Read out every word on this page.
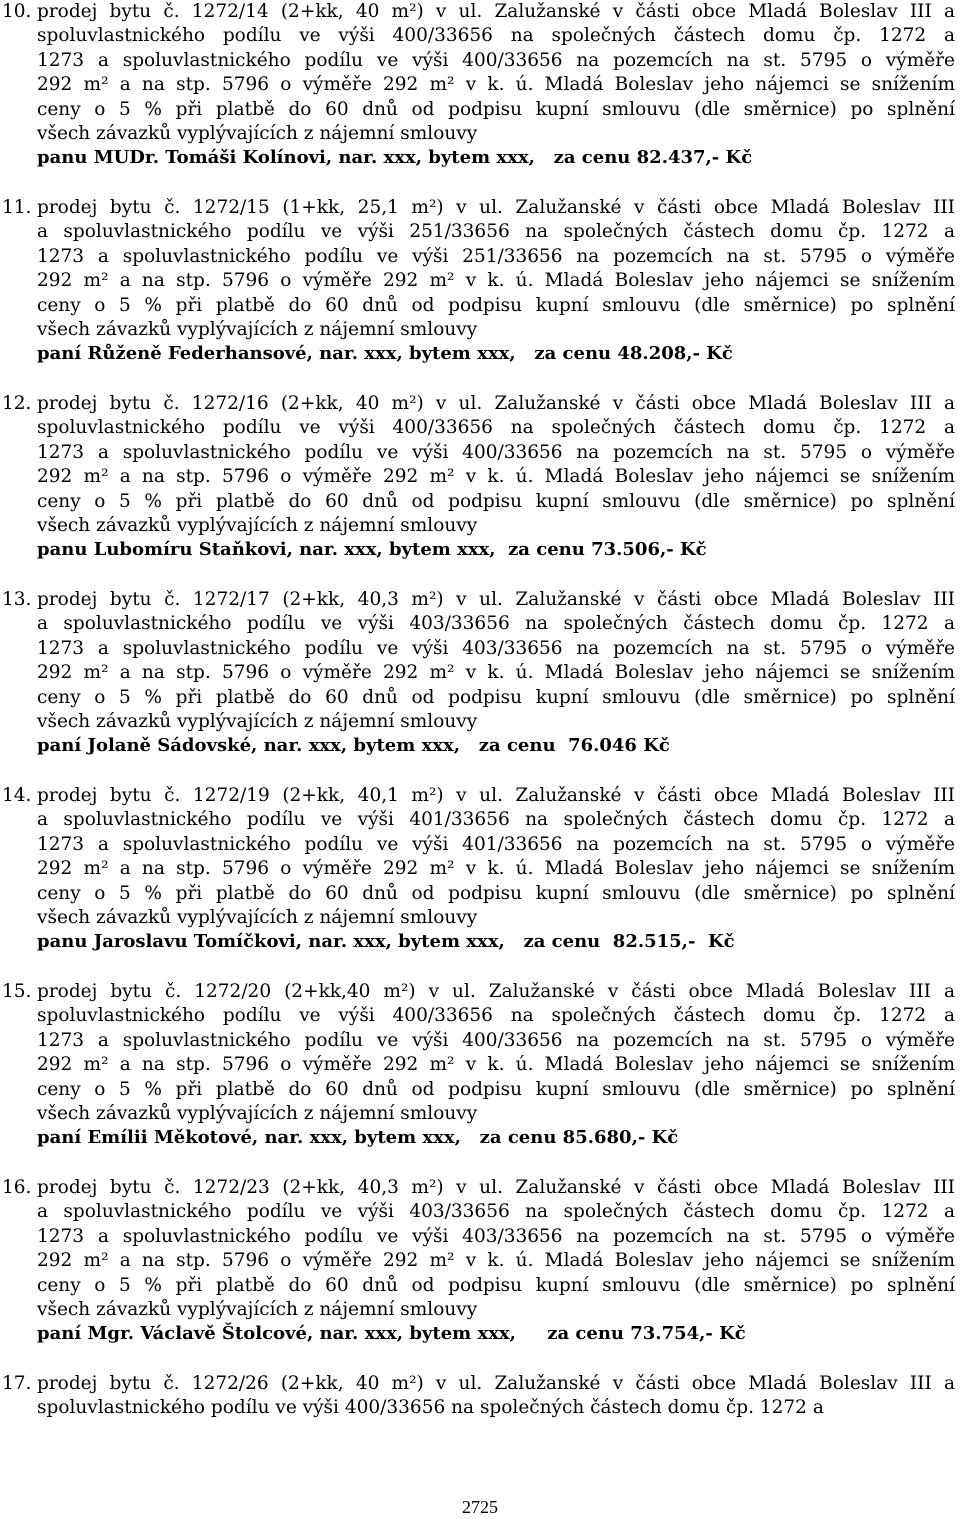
10. prodej bytu č. 1272/14 (2+kk, 40 m²) v ul. Zalužanské v části obce Mladá Boleslav III a
spoluvlastnického podílu ve výši 400/33656 na společných částech domu čp. 1272 a
1273 a spoluvlastnického podílu ve výši 400/33656 na pozemcích na st. 5795 o výměře
292 m² a na stp. 5796 o výměře 292 m² v k. ú. Mladá Boleslav jeho nájemci se snížením
ceny o 5 % při platbě do 60 dnů od podpisu kupní smlouvu (dle směrnice) po splnění
všech závazků vyplývajících z nájemní smlouvy
panu MUDr. Tomáši Kolínovi, nar. xxx, bytem xxx,   za cenu 82.437,- Kč
11. prodej bytu č. 1272/15 (1+kk, 25,1 m²) v ul. Zalužanské v části obce Mladá Boleslav III
a spoluvlastnického podílu ve výši 251/33656 na společných částech domu čp. 1272 a
1273 a spoluvlastnického podílu ve výši 251/33656 na pozemcích na st. 5795 o výměře
292 m² a na stp. 5796 o výměře 292 m² v k. ú. Mladá Boleslav jeho nájemci se snížením
ceny o 5 % při platbě do 60 dnů od podpisu kupní smlouvu (dle směrnice) po splnění
všech závazků vyplývajících z nájemní smlouvy
paní Růženě Federhansové, nar. xxx, bytem xxx,   za cenu 48.208,- Kč
12. prodej bytu č. 1272/16 (2+kk, 40 m²) v ul. Zalužanské v části obce Mladá Boleslav III a
spoluvlastnického podílu ve výši 400/33656 na společných částech domu čp. 1272 a
1273 a spoluvlastnického podílu ve výši 400/33656 na pozemcích na st. 5795 o výměře
292 m² a na stp. 5796 o výměře 292 m² v k. ú. Mladá Boleslav jeho nájemci se snížením
ceny o 5 % při platbě do 60 dnů od podpisu kupní smlouvu (dle směrnice) po splnění
všech závazků vyplývajících z nájemní smlouvy
panu Lubomíru Staňkovi, nar. xxx, bytem xxx,  za cenu 73.506,- Kč
13. prodej bytu č. 1272/17 (2+kk, 40,3 m²) v ul. Zalužanské v části obce Mladá Boleslav III
a spoluvlastnického podílu ve výši 403/33656 na společných částech domu čp. 1272 a
1273 a spoluvlastnického podílu ve výši 403/33656 na pozemcích na st. 5795 o výměře
292 m² a na stp. 5796 o výměře 292 m² v k. ú. Mladá Boleslav jeho nájemci se snížením
ceny o 5 % při platbě do 60 dnů od podpisu kupní smlouvu (dle směrnice) po splnění
všech závazků vyplývajících z nájemní smlouvy
paní Jolaně Sádovské, nar. xxx, bytem xxx,   za cenu  76.046 Kč
14. prodej bytu č. 1272/19 (2+kk, 40,1 m²) v ul. Zalužanské v části obce Mladá Boleslav III
a spoluvlastnického podílu ve výši 401/33656 na společných částech domu čp. 1272 a
1273 a spoluvlastnického podílu ve výši 401/33656 na pozemcích na st. 5795 o výměře
292 m² a na stp. 5796 o výměře 292 m² v k. ú. Mladá Boleslav jeho nájemci se snížením
ceny o 5 % při platbě do 60 dnů od podpisu kupní smlouvu (dle směrnice) po splnění
všech závazků vyplývajících z nájemní smlouvy
panu Jaroslavu Tomíčkovi, nar. xxx, bytem xxx,   za cenu  82.515,-  Kč
15. prodej bytu č. 1272/20 (2+kk,40 m²) v ul. Zalužanské v části obce Mladá Boleslav III a
spoluvlastnického podílu ve výši 400/33656 na společných částech domu čp. 1272 a
1273 a spoluvlastnického podílu ve výši 400/33656 na pozemcích na st. 5795 o výměře
292 m² a na stp. 5796 o výměře 292 m² v k. ú. Mladá Boleslav jeho nájemci se snížením
ceny o 5 % při platbě do 60 dnů od podpisu kupní smlouvu (dle směrnice) po splnění
všech závazků vyplývajících z nájemní smlouvy
paní Emílii Měkotové, nar. xxx, bytem xxx,   za cenu 85.680,- Kč
16. prodej bytu č. 1272/23 (2+kk, 40,3 m²) v ul. Zalužanské v části obce Mladá Boleslav III
a spoluvlastnického podílu ve výši 403/33656 na společných částech domu čp. 1272 a
1273 a spoluvlastnického podílu ve výši 403/33656 na pozemcích na st. 5795 o výměře
292 m² a na stp. 5796 o výměře 292 m² v k. ú. Mladá Boleslav jeho nájemci se snížením
ceny o 5 % při platbě do 60 dnů od podpisu kupní smlouvu (dle směrnice) po splnění
všech závazků vyplývajících z nájemní smlouvy
paní Mgr. Václavě Štolcové, nar. xxx, bytem xxx,     za cenu 73.754,- Kč
17. prodej bytu č. 1272/26 (2+kk, 40 m²) v ul. Zalužanské v části obce Mladá Boleslav III a
spoluvlastnického podílu ve výši 400/33656 na společných částech domu čp. 1272 a
2725
